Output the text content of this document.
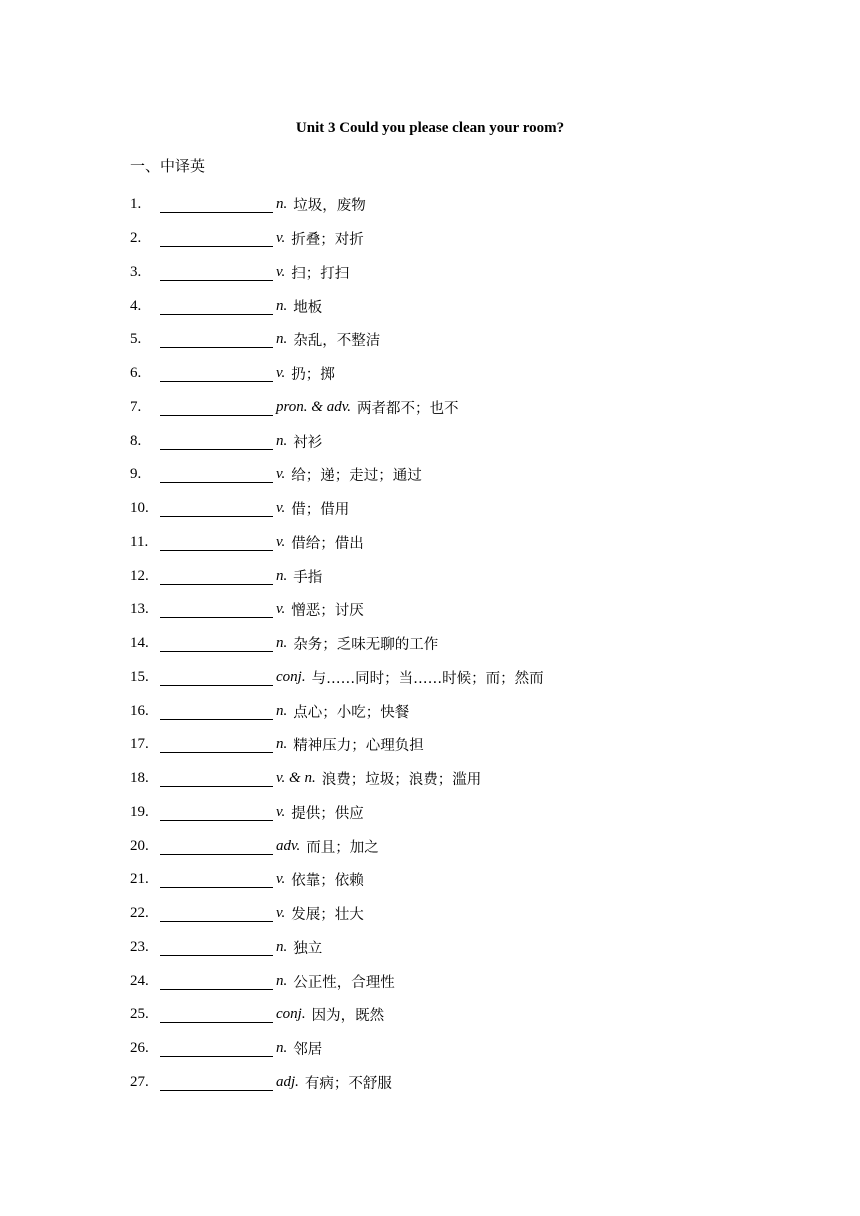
Unit 3 Could you please clean your room?
一、中译英
1.	n. 垃圾，废物
2.	v. 折叠；对折
3.	v. 扫；打扫
4.	n. 地板
5.	n. 杂乱，不整洁
6.	v. 扔；掷
7.	pron. & adv. 两者都不；也不
8.	n. 衬衫
9.	v. 给；递；走过；通过
10.	v. 借；借用
11.	v. 借给；借出
12.	n. 手指
13.	v. 憎恶；讨厌
14.	n. 杂务；乏味无聊的工作
15.	conj. 与……同时；当……时候；而；然而
16.	n. 点心；小吃；快餐
17.	n. 精神压力；心理负担
18.	v. & n. 浪费；垃圾；浪费；滥用
19.	v. 提供；供应
20.	adv. 而且；加之
21.	v. 依靠；依赖
22.	v. 发展；壮大
23.	n. 独立
24.	n. 公正性，合理性
25.	conj. 因为，既然
26.	n. 邻居
27.	adj. 有病；不舒服
